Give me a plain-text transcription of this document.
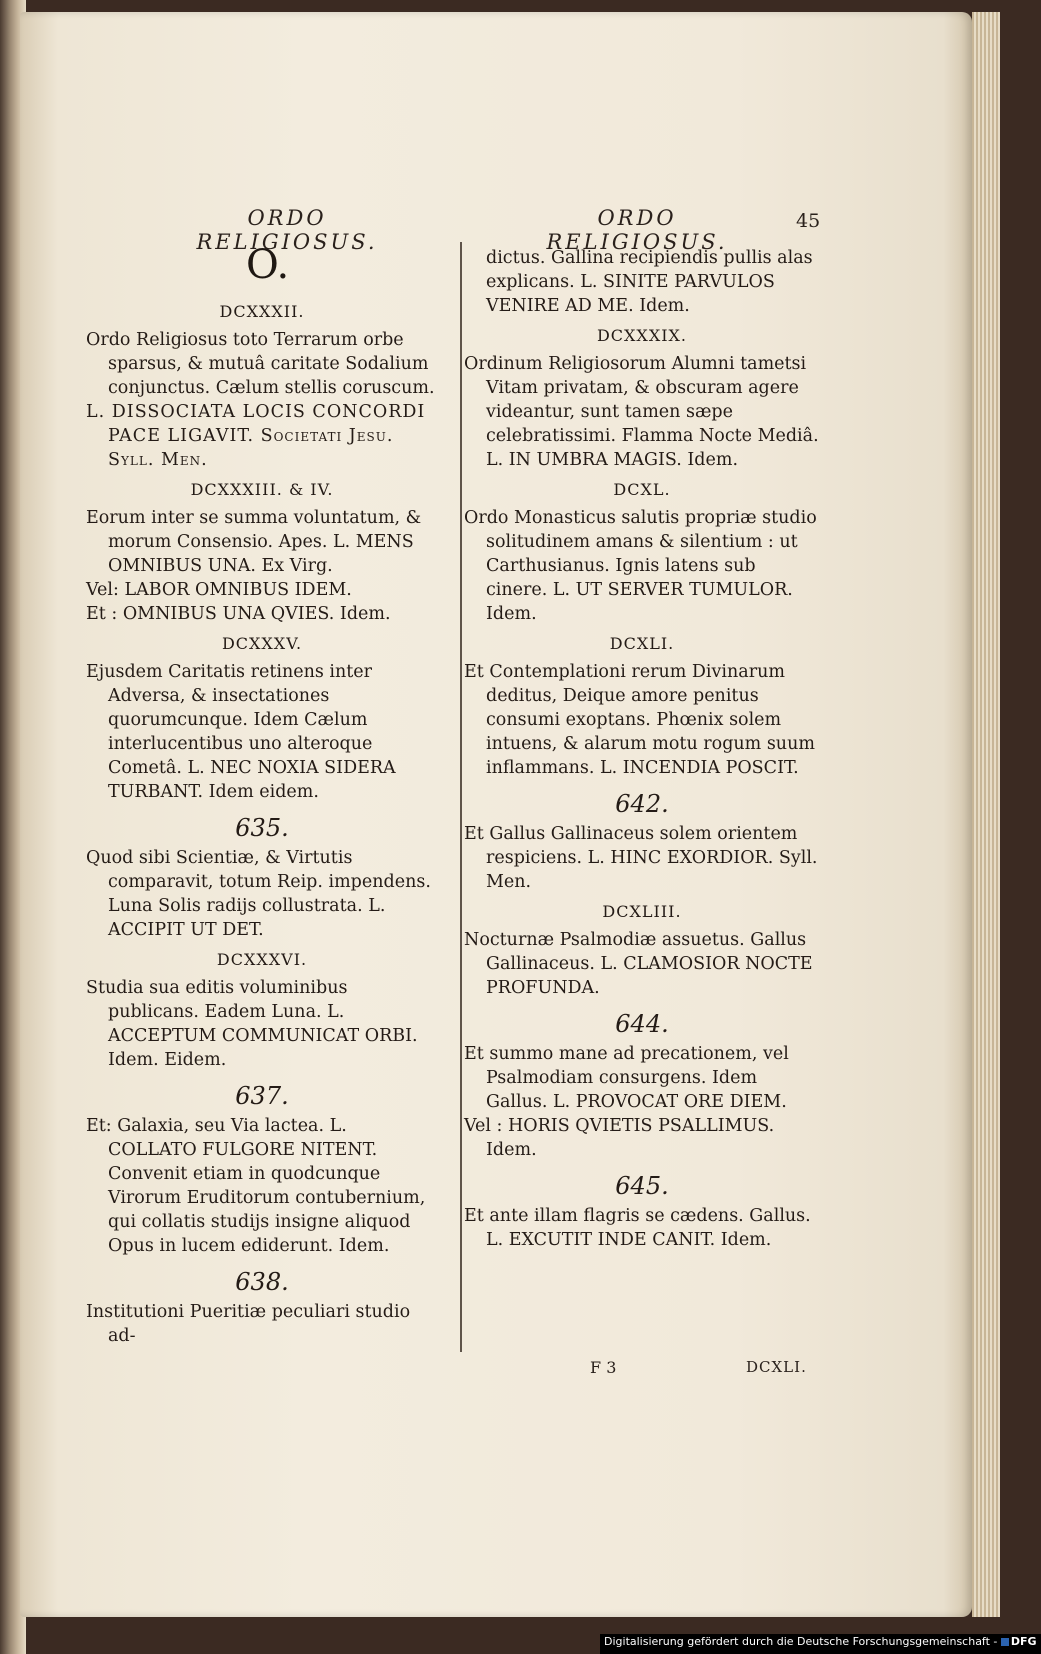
ORDO RELIGIOSUS.
ORDO RELIGIOSUS.
45
O.
DCXXXII.

Ordo Religiosus toto Terrarum orbe sparsus, & mutuâ caritate Sodalium conjunctus. Cælum stellis coruscum.

L. DISSOCIATA LOCIS CONCORDI PACE LIGAVIT. Societati Jesu. Syll. Men.

DCXXXIII. & IV.

Eorum inter se summa voluntatum, & morum Consensio. Apes. L. MENS OMNIBUS UNA. Ex Virg.

Vel: LABOR OMNIBUS IDEM.

Et : OMNIBUS UNA QVIES. Idem.

DCXXXV.

Ejusdem Caritatis retinens inter Adversa, & insectationes quorumcunque. Idem Cælum interlucentibus uno alteroque Cometâ. L. NEC NOXIA SIDERA TURBANT. Idem eidem.

635.

Quod sibi Scientiæ, & Virtutis comparavit, totum Reip. impendens. Luna Solis radijs collustrata. L. ACCIPIT UT DET.

DCXXXVI.

Studia sua editis voluminibus publicans. Eadem Luna. L. ACCEPTUM COMMUNICAT ORBI. Idem. Eidem.

637.

Et: Galaxia, seu Via lactea. L. COLLATO FULGORE NITENT. Convenit etiam in quodcunque Virorum Eruditorum contubernium, qui collatis studijs insigne aliquod Opus in lucem ediderunt. Idem.

638.

Institutioni Pueritiæ peculiari studio ad-

dictus. Gallina recipiendis pullis alas explicans. L. SINITE PARVULOS VENIRE AD ME. Idem.

DCXXXIX.

Ordinum Religiosorum Alumni tametsi Vitam privatam, & obscuram agere videantur, sunt tamen sæpe celebratissimi. Flamma Nocte Mediâ. L. IN UMBRA MAGIS. Idem.

DCXL.

Ordo Monasticus salutis propriæ studio solitudinem amans & silentium : ut Carthusianus. Ignis latens sub cinere. L. UT SERVER TUMULOR. Idem.

DCXLI.

Et Contemplationi rerum Divinarum deditus, Deique amore penitus consumi exoptans. Phœnix solem intuens, & alarum motu rogum suum inflammans. L. INCENDIA POSCIT.

642.

Et Gallus Gallinaceus solem orientem respiciens. L. HINC EXORDIOR. Syll. Men.

DCXLIII.

Nocturnæ Psalmodiæ assuetus. Gallus Gallinaceus. L. CLAMOSIOR NOCTE PROFUNDA.

644.

Et summo mane ad precationem, vel Psalmodiam consurgens. Idem Gallus. L. PROVOCAT ORE DIEM.

Vel : HORIS QVIETIS PSALLIMUS. Idem.

645.

Et ante illam flagris se cædens. Gallus. L. EXCUTIT INDE CANIT. Idem.

F 3	DCXLI.
Digitalisierung gefördert durch die Deutsche Forschungsgemeinschaft - DFG
